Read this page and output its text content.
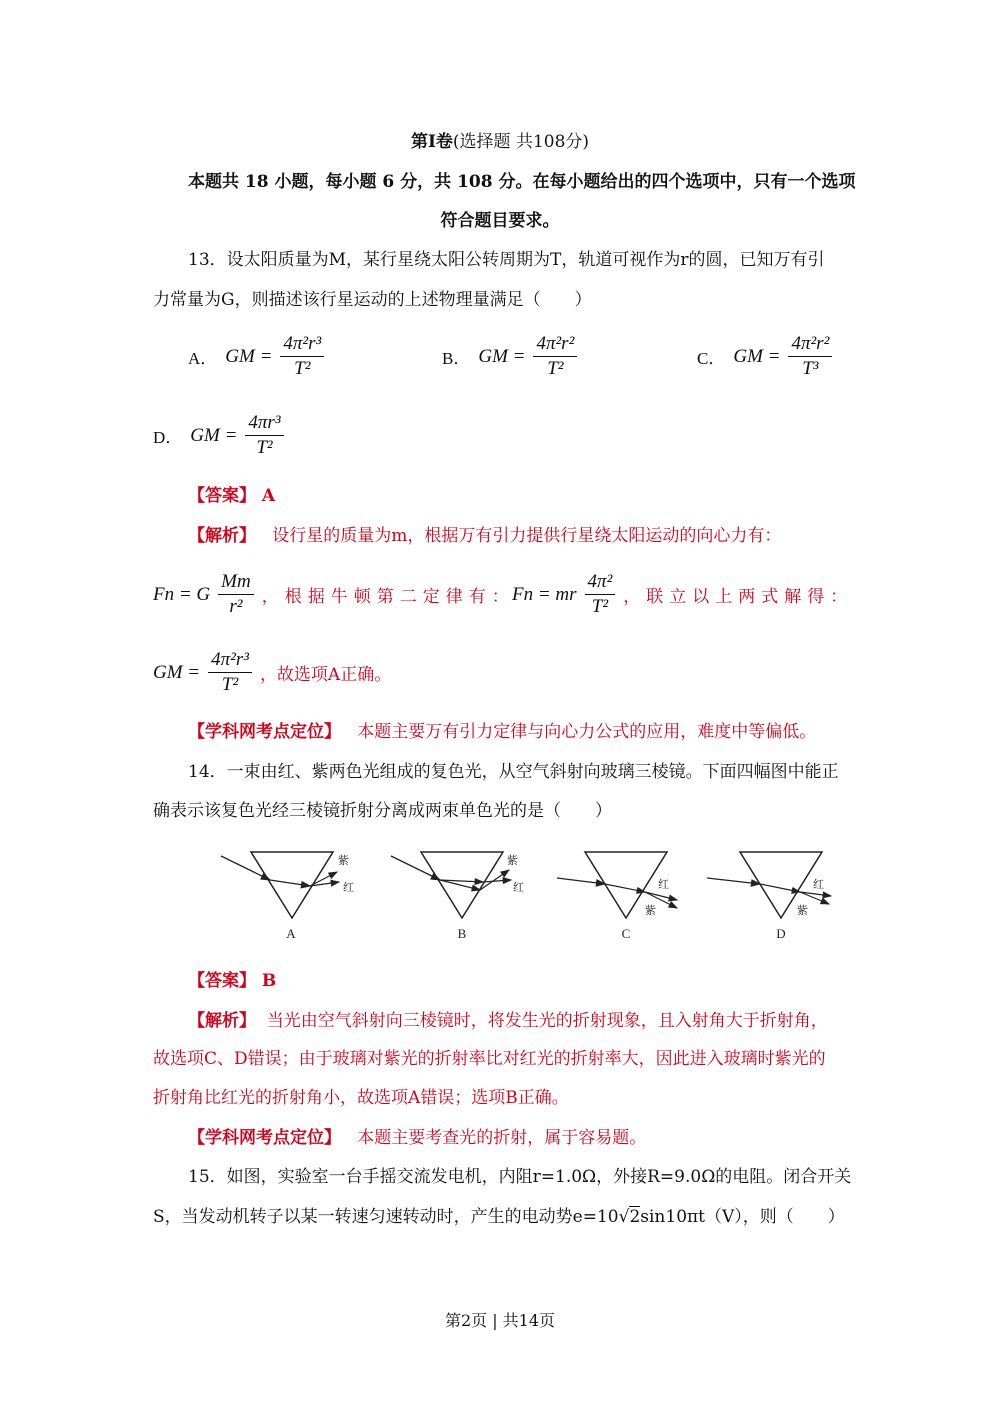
第Ⅰ卷(选择题 共108分)
本题共 18 小题，每小题 6 分，共 108 分。在每小题给出的四个选项中，只有一个选项
符合题目要求。
13．设太阳质量为M，某行星绕太阳公转周期为T，轨道可视作为r的圆，已知万有引
力常量为G，则描述该行星运动的上述物理量满足（　　）
A． GM = $\frac{\text{4π²r³}}{\text{T²}}$	B． GM = $\frac{\text{4π²r²}}{\text{T²}}$	C． GM = $\frac{\text{4π²r²}}{\text{T³}}$
D． GM = $\frac{\text{4πr³}}{\text{T²}}$
【答案】 A
【解析】 设行星的质量为m，根据万有引力提供行星绕太阳运动的向心力有：
Fn = G $\frac{Mm}{\text{r²}}$ ，根据牛顿第二定律有：
Fn = mr $\frac{\text{4π²}}{\text{T²}}$ ，联立以上两式解得：
GM = $\frac{\text{4π²r³}}{\text{T²}}$ ，故选项A正确。
【学科网考点定位】 本题主要万有引力定律与向心力公式的应用，难度中等偏低。
14．一束由红、紫两色光组成的复色光，从空气斜射向玻璃三棱镜。下面四幅图中能正
确表示该复色光经三棱镜折射分离成两束单色光的是（　　）
紫
红
A
紫
红
B
红
紫
C
红
紫
D
【答案】 B
【解析】 当光由空气斜射向三棱镜时，将发生光的折射现象，且入射角大于折射角，
故选项C、D错误；由于玻璃对紫光的折射率比对红光的折射率大，因此进入玻璃时紫光的
折射角比红光的折射角小，故选项A错误；选项B正确。
【学科网考点定位】 本题主要考查光的折射，属于容易题。
15．如图，实验室一台手摇交流发电机，内阻r=1.0Ω，外接R=9.0Ω的电阻。闭合开关
S，当发动机转子以某一转速匀速转动时，产生的电动势e=10√2sin10πt（V），则（　　）
第2页 | 共14页
